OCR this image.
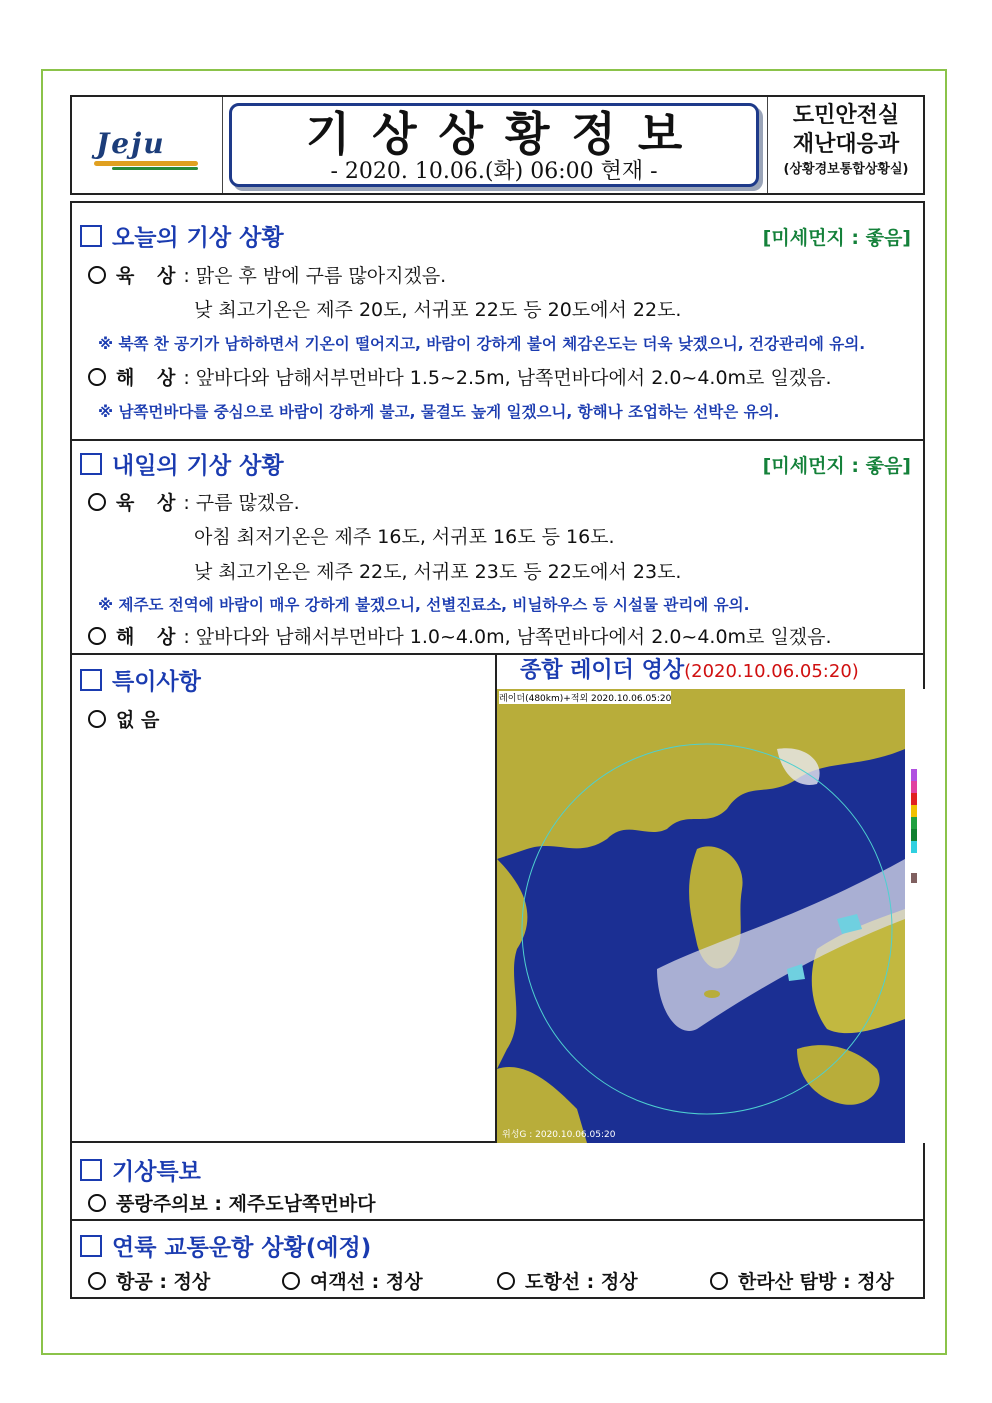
Jeju	기상상황정보
- 2020. 10.06.(화) 06:00 현재 -
도민안전실
재난대응과
(상황경보통합상황실)
오늘의 기상 상황	[미세먼지 : 좋음]
육 상: 맑은 후 밤에 구름 많아지겠음.
낮 최고기온은 제주 20도, 서귀포 22도 등 20도에서 22도.
※ 북쪽 찬 공기가 남하하면서 기온이 떨어지고, 바람이 강하게 불어 체감온도는 더욱 낮겠으니, 건강관리에 유의.
해 상: 앞바다와 남해서부먼바다 1.5~2.5m, 남쪽먼바다에서 2.0~4.0m로 일겠음.
※ 남쪽먼바다를 중심으로 바람이 강하게 불고, 물결도 높게 일겠으니, 항해나 조업하는 선박은 유의.
내일의 기상 상황	[미세먼지 : 좋음]
육 상: 구름 많겠음.
아침 최저기온은 제주 16도, 서귀포 16도 등 16도.
낮 최고기온은 제주 22도, 서귀포 23도 등 22도에서 23도.
※ 제주도 전역에 바람이 매우 강하게 불겠으니, 선별진료소, 비닐하우스 등 시설물 관리에 유의.
해 상: 앞바다와 남해서부먼바다 1.0~4.0m, 남쪽먼바다에서 2.0~4.0m로 일겠음.
특이사항
없 음
종합 레이더 영상(2020.10.06.05:20)
레이더(480km)+적외 2020.10.06.05:20
위성G : 2020.10.06.05:20
기상특보
풍랑주의보 : 제주도남쪽먼바다
연륙 교통운항 상황(예정)
항공 : 정상	여객선 : 정상	도항선 : 정상	한라산 탐방 : 정상
